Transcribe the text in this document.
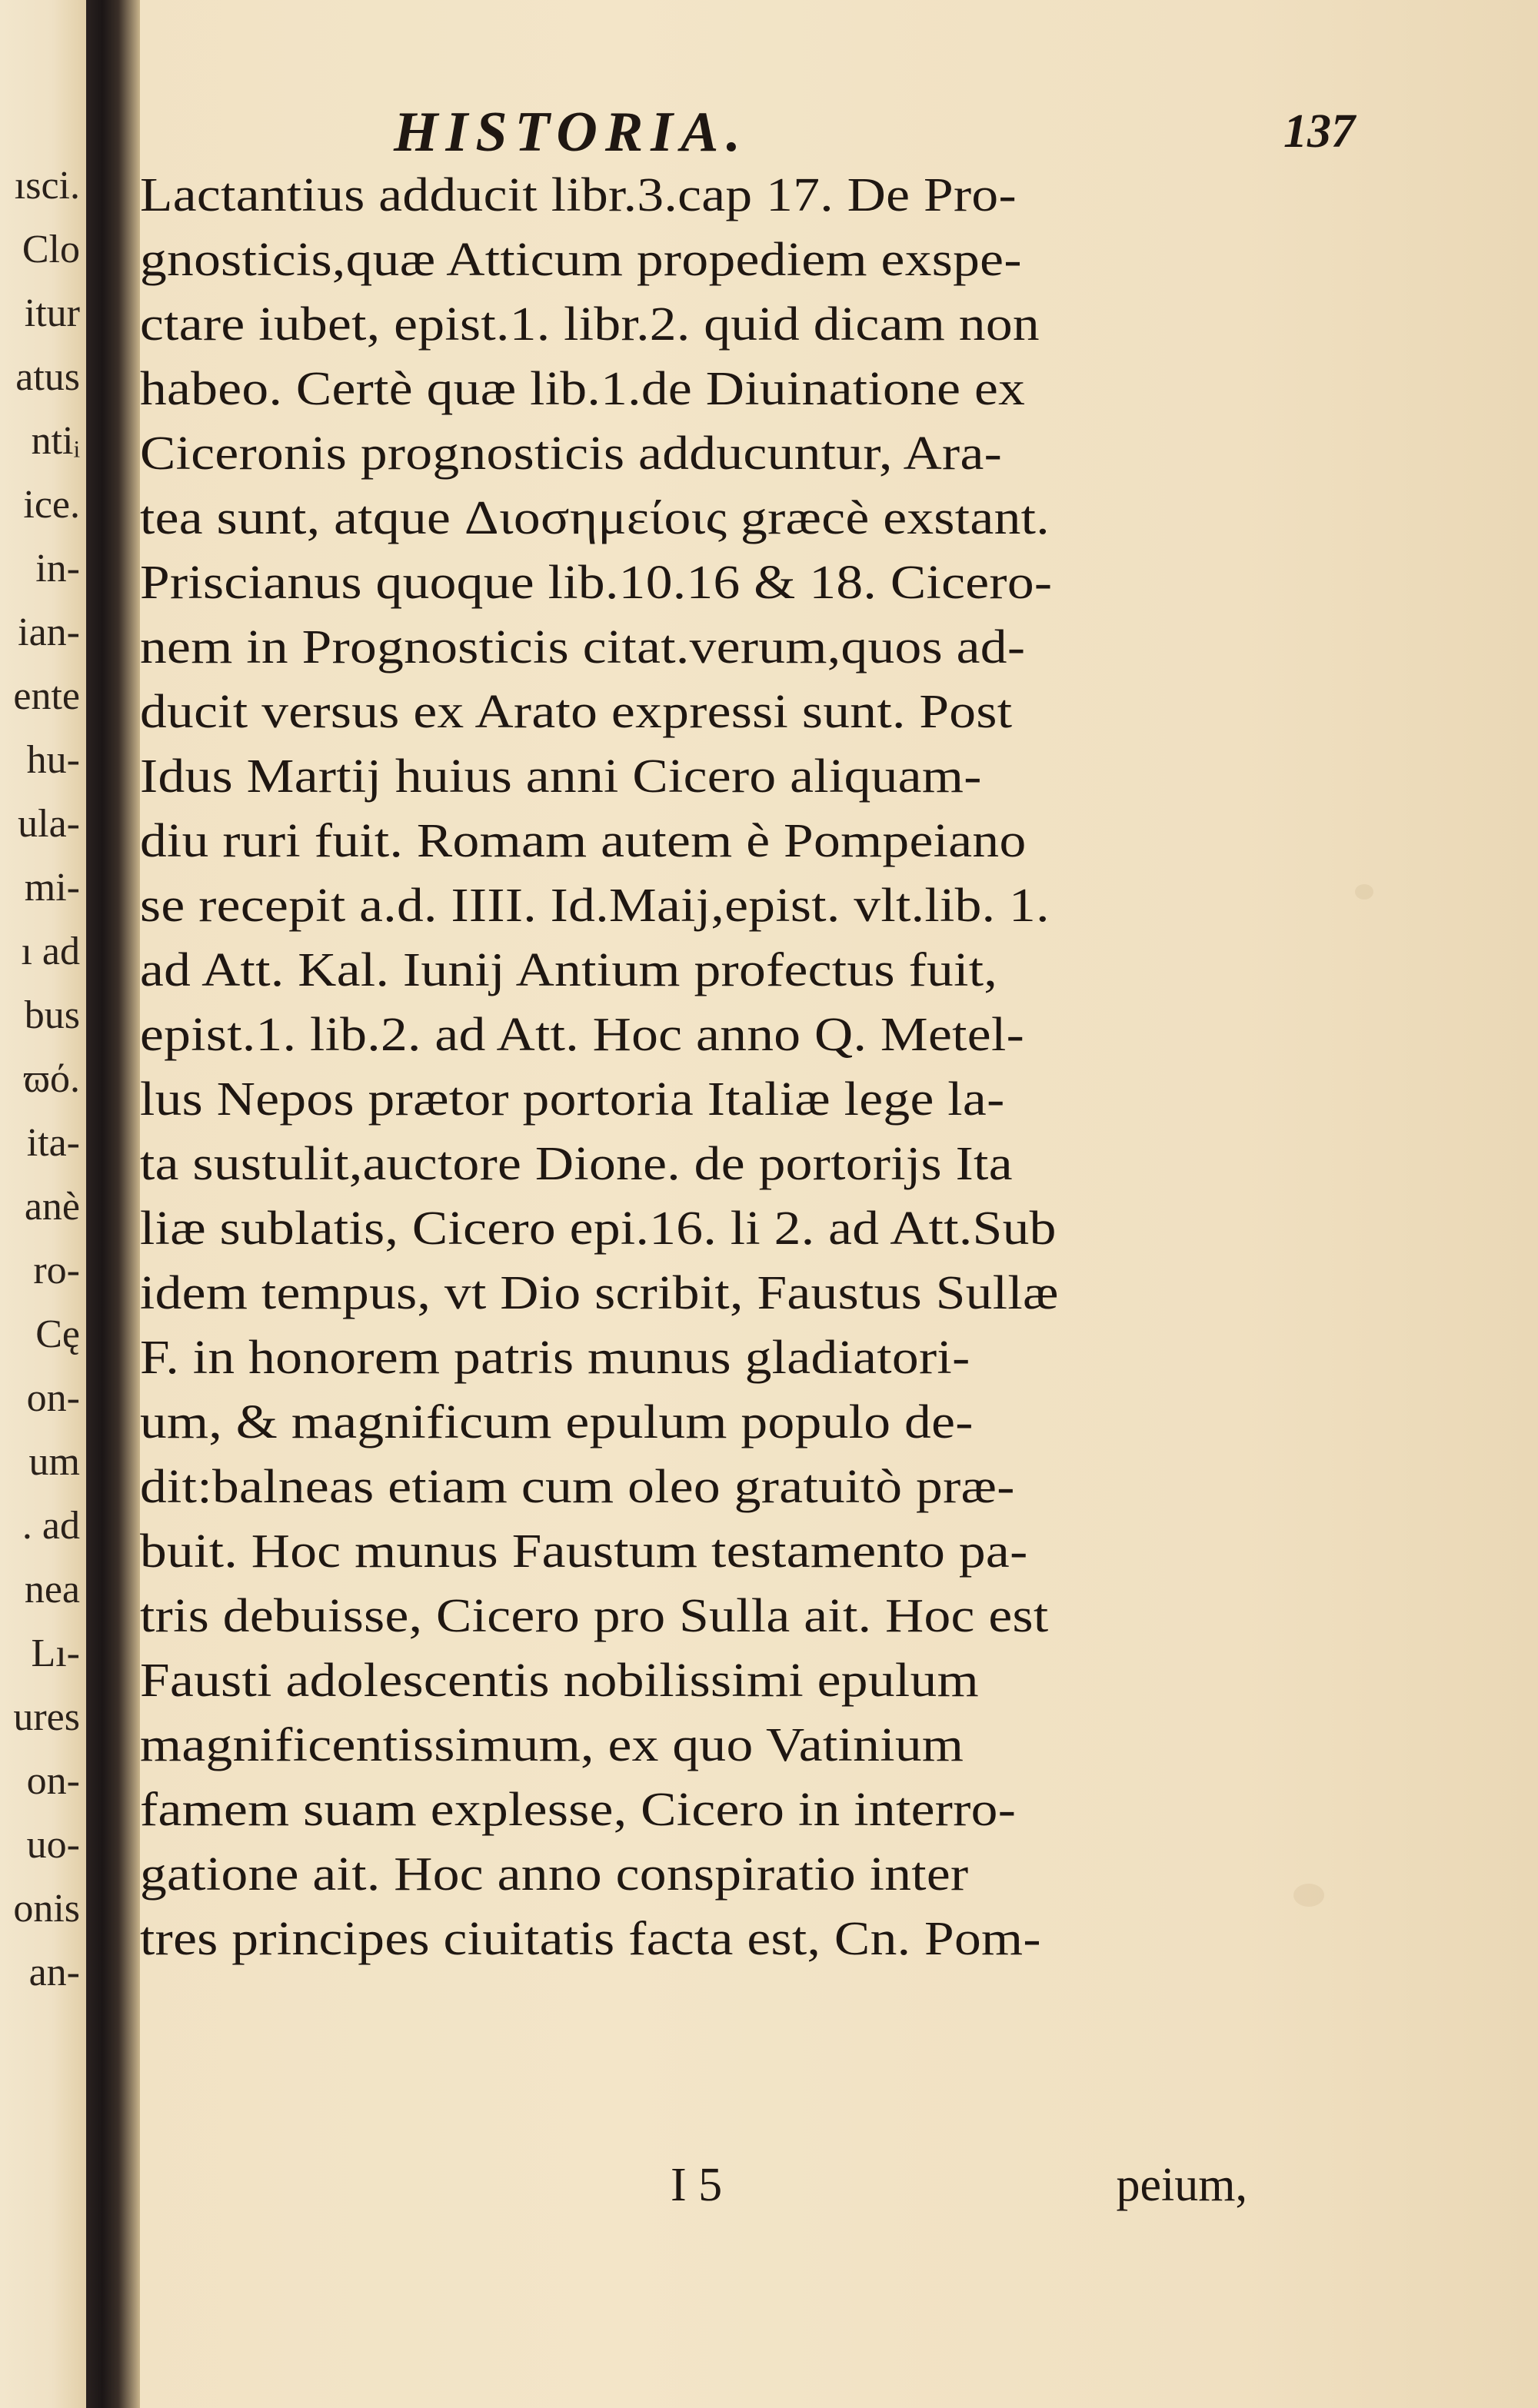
ısci.
Clo
itur
atus
ntiᵢ
ice.
in-
ian-
ente
hu-
ula-
mi-
ı ad
bus
ϖό.
ita-
anè
ro-
Cę
on-
um
. ad
nea
Lı-
ures
on-
uo-
onis
an-
HISTORIA.	137
Lactantius adducit libr.3.cap 17. De Pro-
gnosticis,quæ Atticum propediem exspe-
ctare iubet, epist.1. libr.2. quid dicam non
habeo. Certè quæ lib.1.de Diuinatione ex
Ciceronis prognosticis adducuntur, Ara-
tea sunt, atque Διοσημείοις græcè exstant.
Priscianus quoque lib.10.16 & 18. Cicero-
nem in Prognosticis citat.verum,quos ad-
ducit versus ex Arato expressi sunt. Post
Idus Martij huius anni Cicero aliquam-
diu ruri fuit. Romam autem è Pompeiano
se recepit a.d. IIII. Id.Maij,epist. vlt.lib. 1.
ad Att. Kal. Iunij Antium profectus fuit,
epist.1. lib.2. ad Att. Hoc anno Q. Metel-
lus Nepos prætor portoria Italiæ lege la-
ta sustulit,auctore Dione. de portorijs Ita
liæ sublatis, Cicero epi.16. li 2. ad Att.Sub
idem tempus, vt Dio scribit, Faustus Sullæ
F. in honorem patris munus gladiatori-
um, & magnificum epulum populo de-
dit:balneas etiam cum oleo gratuitò præ-
buit. Hoc munus Faustum testamento pa-
tris debuisse, Cicero pro Sulla ait. Hoc est
Fausti adolescentis nobilissimi epulum
magnificentissimum, ex quo Vatinium
famem suam explesse, Cicero in interro-
gatione ait. Hoc anno conspiratio inter
tres principes ciuitatis facta est, Cn. Pom-
I 5	peium,
